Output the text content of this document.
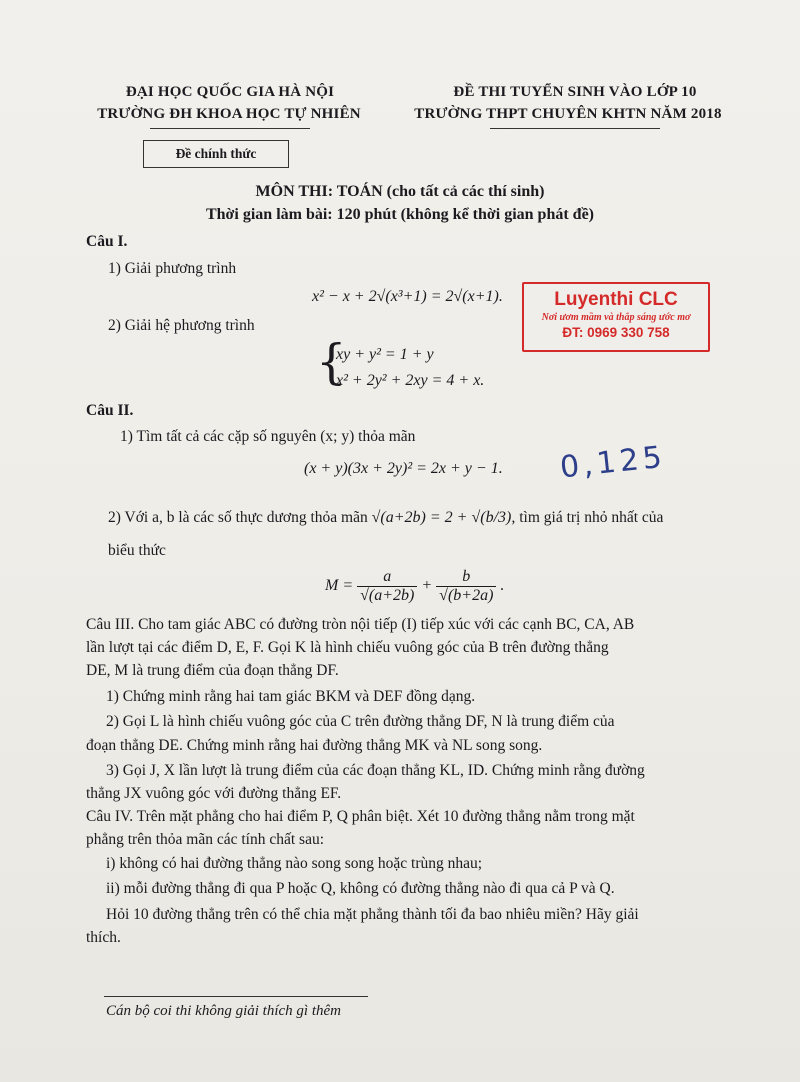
ĐẠI HỌC QUỐC GIA HÀ NỘI
TRƯỜNG ĐH KHOA HỌC TỰ NHIÊN
ĐỀ THI TUYỂN SINH VÀO LỚP 10
TRƯỜNG THPT CHUYÊN KHTN NĂM 2018
Đề chính thức
MÔN THI: TOÁN (cho tất cả các thí sinh)
Thời gian làm bài: 120 phút (không kể thời gian phát đề)
Luyenthi CLC
Nơi ươm mầm và thắp sáng ước mơ
ĐT: 0969 330 758
Câu I.
1) Giải phương trình
x² − x + 2√(x³+1) = 2√(x+1).
2) Giải hệ phương trình
{
xy + y² = 1 + y
x² + 2y² + 2xy = 4 + x.
Câu II.
1) Tìm tất cả các cặp số nguyên (x; y) thỏa mãn
(x + y)(3x + 2y)² = 2x + y − 1. 0,125
2) Với a, b là các số thực dương thỏa mãn √(a+2b) = 2 + √(b/3), tìm giá trị nhỏ nhất của
biểu thức
$M = \frac{a}{√(a+2b)} + \frac{b}{√(b+2a)}$ .
Câu III. Cho tam giác ABC có đường tròn nội tiếp (I) tiếp xúc với các cạnh BC, CA, AB
lần lượt tại các điểm D, E, F. Gọi K là hình chiếu vuông góc của B trên đường thẳng
DE, M là trung điểm của đoạn thẳng DF.
1) Chứng minh rằng hai tam giác BKM và DEF đồng dạng.
2) Gọi L là hình chiếu vuông góc của C trên đường thẳng DF, N là trung điểm của
đoạn thẳng DE. Chứng minh rằng hai đường thẳng MK và NL song song.
3) Gọi J, X lần lượt là trung điểm của các đoạn thẳng KL, ID. Chứng minh rằng đường
thẳng JX vuông góc với đường thẳng EF.
Câu IV. Trên mặt phẳng cho hai điểm P, Q phân biệt. Xét 10 đường thẳng nằm trong mặt
phẳng trên thỏa mãn các tính chất sau:
i) không có hai đường thẳng nào song song hoặc trùng nhau;
ii) mỗi đường thẳng đi qua P hoặc Q, không có đường thẳng nào đi qua cả P và Q.
Hỏi 10 đường thẳng trên có thể chia mặt phẳng thành tối đa bao nhiêu miền? Hãy giải
thích.
Cán bộ coi thi không giải thích gì thêm
